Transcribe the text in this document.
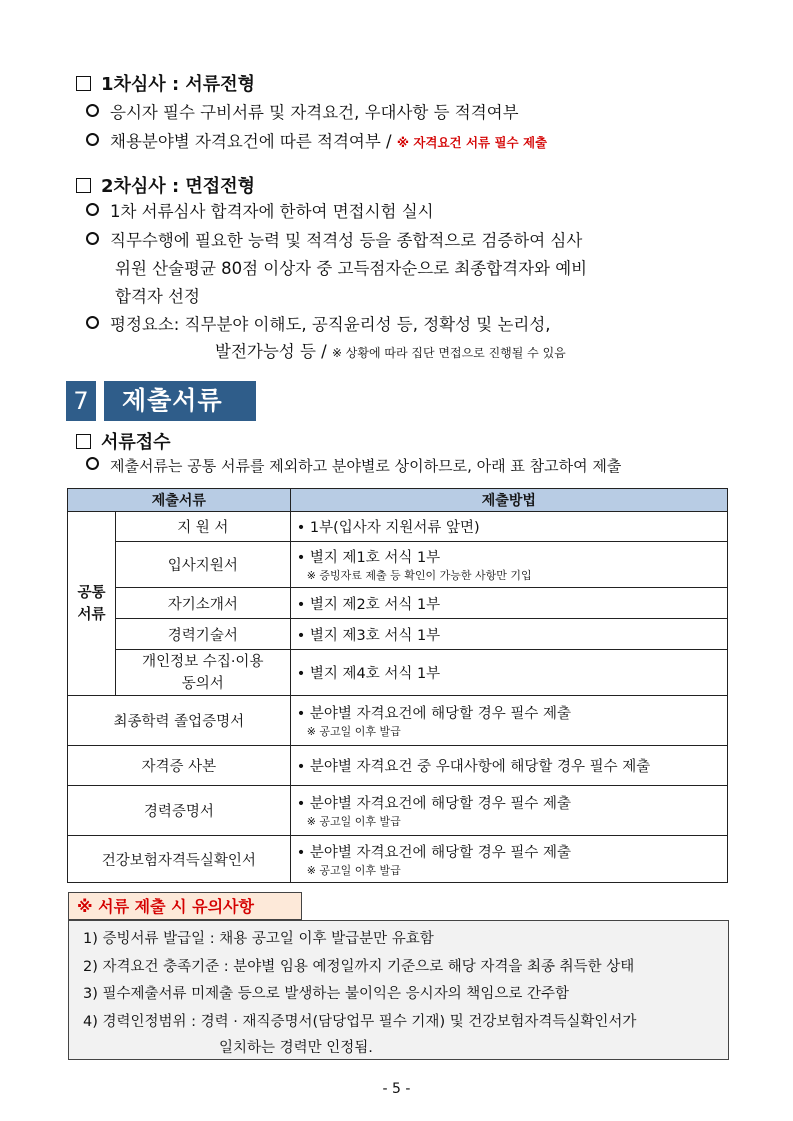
1차심사 : 서류전형
응시자 필수 구비서류 및 자격요건, 우대사항 등 적격여부
채용분야별 자격요건에 따른 적격여부 / ※ 자격요건 서류 필수 제출
2차심사 : 면접전형
1차 서류심사 합격자에 한하여 면접시험 실시
직무수행에 필요한 능력 및 적격성 등을 종합적으로 검증하여 심사
위원 산술평균 80점 이상자 중 고득점자순으로 최종합격자와 예비
합격자 선정
평정요소: 직무분야 이해도, 공직윤리성 등, 정확성 및 논리성,
발전가능성 등 / ※ 상황에 따라 집단 면접으로 진행될 수 있음
7	제출서류
서류접수
제출서류는 공통 서류를 제외하고 분야별로 상이하므로, 아래 표 참고하여 제출
제출서류		제출방법
공통
서류	지 원 서	• 1부(입사자 지원서류 앞면)
	입사지원서	• 별지 제1호 서식 1부
※ 증빙자료 제출 등 확인이 가능한 사항만 기입

	자기소개서	• 별지 제2호 서식 1부
	경력기술서	• 별지 제3호 서식 1부
	개인정보 수집·이용
동의서	• 별지 제4호 서식 1부
최종학력 졸업증명서		• 분야별 자격요건에 해당할 경우 필수 제출
※ 공고일 이후 발급

자격증 사본		• 분야별 자격요건 중 우대사항에 해당할 경우 필수 제출
경력증명서		• 분야별 자격요건에 해당할 경우 필수 제출
※ 공고일 이후 발급

건강보험자격득실확인서		• 분야별 자격요건에 해당할 경우 필수 제출
※ 공고일 이후 발급
※ 서류 제출 시 유의사항
1) 증빙서류 발급일 : 채용 공고일 이후 발급분만 유효함
2) 자격요건 충족기준 : 분야별 임용 예정일까지 기준으로 해당 자격을 최종 취득한 상태
3) 필수제출서류 미제출 등으로 발생하는 불이익은 응시자의 책임으로 간주함
4) 경력인정범위 : 경력 · 재직증명서(담당업무 필수 기재) 및 건강보험자격득실확인서가
일치하는 경력만 인정됨.
- 5 -
